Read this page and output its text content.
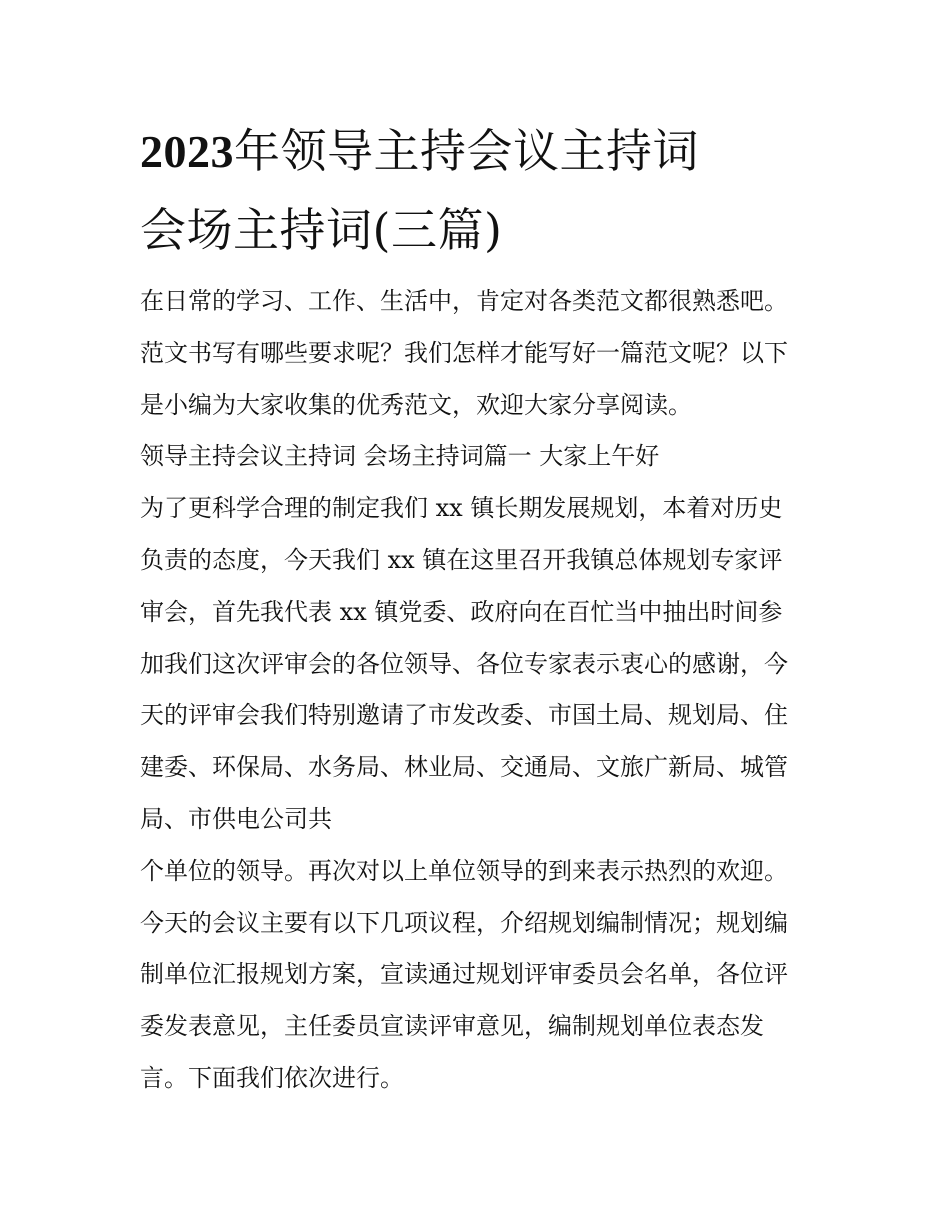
2023年领导主持会议主持词
会场主持词(三篇)
在日常的学习、工作、生活中，肯定对各类范文都很熟悉吧。
范文书写有哪些要求呢？我们怎样才能写好一篇范文呢？以下
是小编为大家收集的优秀范文，欢迎大家分享阅读。
领导主持会议主持词 会场主持词篇一 大家上午好
为了更科学合理的制定我们 xx 镇长期发展规划，本着对历史
负责的态度，今天我们 xx 镇在这里召开我镇总体规划专家评
审会，首先我代表 xx 镇党委、政府向在百忙当中抽出时间参
加我们这次评审会的各位领导、各位专家表示衷心的感谢，今
天的评审会我们特别邀请了市发改委、市国土局、规划局、住
建委、环保局、水务局、林业局、交通局、文旅广新局、城管
局、市供电公司共
个单位的领导。再次对以上单位领导的到来表示热烈的欢迎。
今天的会议主要有以下几项议程，介绍规划编制情况；规划编
制单位汇报规划方案，宣读通过规划评审委员会名单，各位评
委发表意见，主任委员宣读评审意见，编制规划单位表态发
言。下面我们依次进行。
